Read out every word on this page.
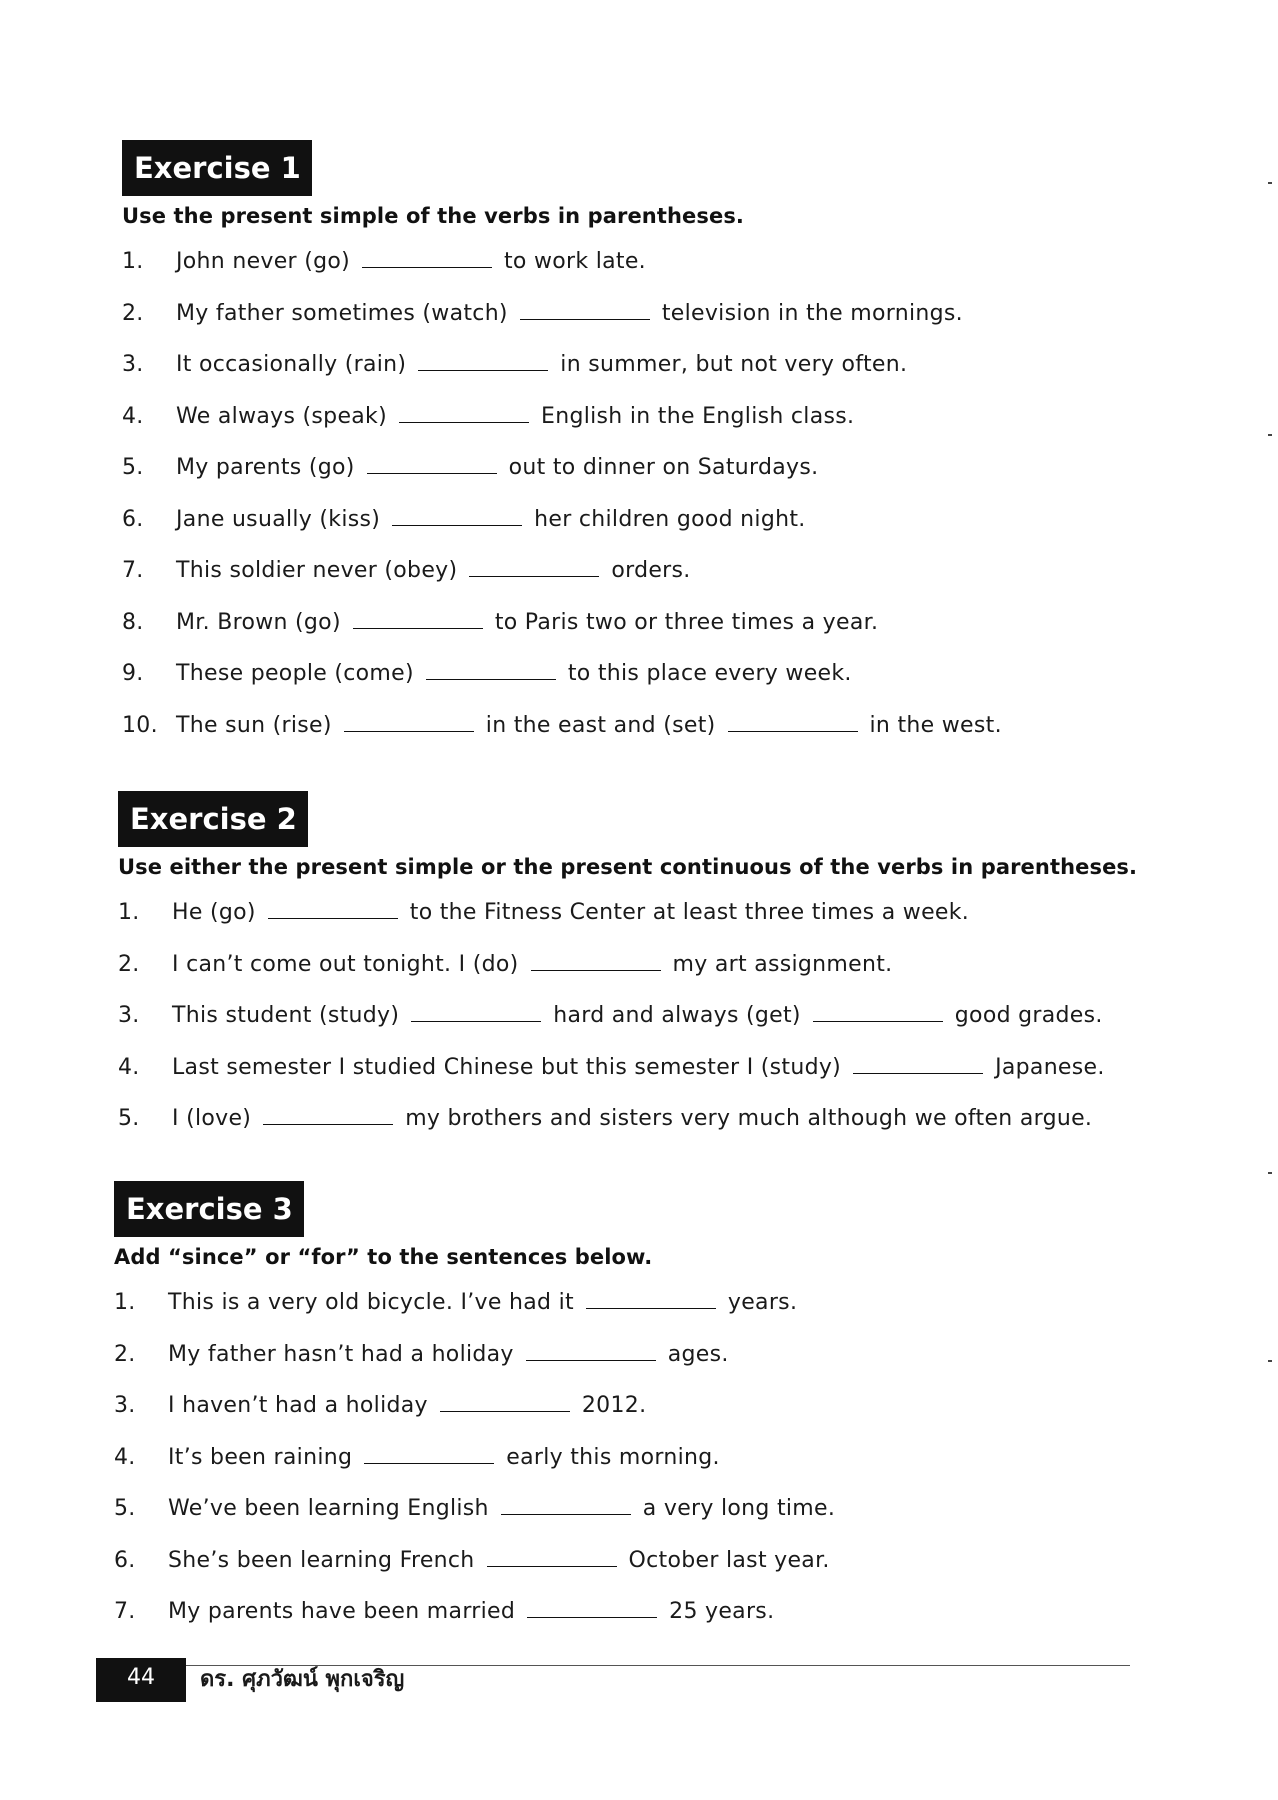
Exercise 1
Use the present simple of the verbs in parentheses.
1. John never (go)	to work late.
2. My father sometimes (watch)	television in the mornings.
3. It occasionally (rain)	in summer, but not very often.
4. We always (speak)	English in the English class.
5. My parents (go)	out to dinner on Saturdays.
6. Jane usually (kiss)	her children good night.
7. This soldier never (obey)	orders.
8. Mr. Brown (go)	to Paris two or three times a year.
9. These people (come)	to this place every week.
10. The sun (rise)	in the east and (set)	in the west.
Exercise 2
Use either the present simple or the present continuous of the verbs in parentheses.
1. He (go)	to the Fitness Center at least three times a week.
2. I can’t come out tonight. I (do)	my art assignment.
3. This student (study)	hard and always (get)	good grades.
4. Last semester I studied Chinese but this semester I (study)	Japanese.
5. I (love)	my brothers and sisters very much although we often argue.
Exercise 3
Add “since” or “for” to the sentences below.
1. This is a very old bicycle. I’ve had it	years.
2. My father hasn’t had a holiday	ages.
3. I haven’t had a holiday	2012.
4. It’s been raining	early this morning.
5. We’ve been learning English	a very long time.
6. She’s been learning French	October last year.
7. My parents have been married	25 years.
44	ดร. ศุภวัฒน์ พุกเจริญ
